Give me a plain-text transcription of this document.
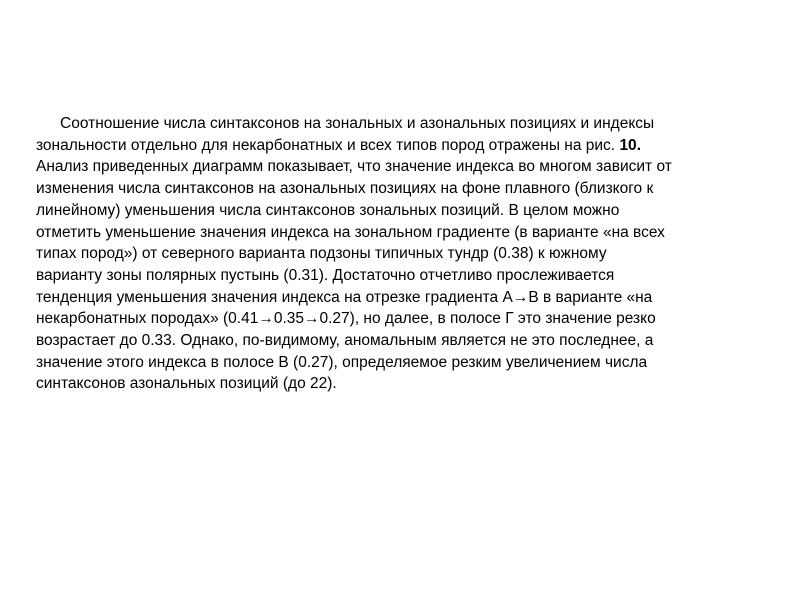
Соотношение числа синтаксонов на зональных и азональных позициях и индексы
зональности отдельно для некарбонатных и всех типов пород отражены на рис. 10.
Анализ приведенных диаграмм показывает, что значение индекса во многом зависит от
изменения числа синтаксонов на азональных позициях на фоне плавного (близкого к
линейному) уменьшения числа синтаксонов зональных позиций. В целом можно
отметить уменьшение значения индекса на зональном градиенте (в варианте «на всех
типах пород») от северного варианта подзоны типичных тундр (0.38) к южному
варианту зоны полярных пустынь (0.31). Достаточно отчетливо прослеживается
тенденция уменьшения значения индекса на отрезке градиента А→В в варианте «на
некарбонатных породах» (0.41→0.35→0.27), но далее, в полосе Г это значение резко
возрастает до 0.33. Однако, по-видимому, аномальным является не это последнее, а
значение этого индекса в полосе В (0.27), определяемое резким увеличением числа
синтаксонов азональных позиций (до 22).
